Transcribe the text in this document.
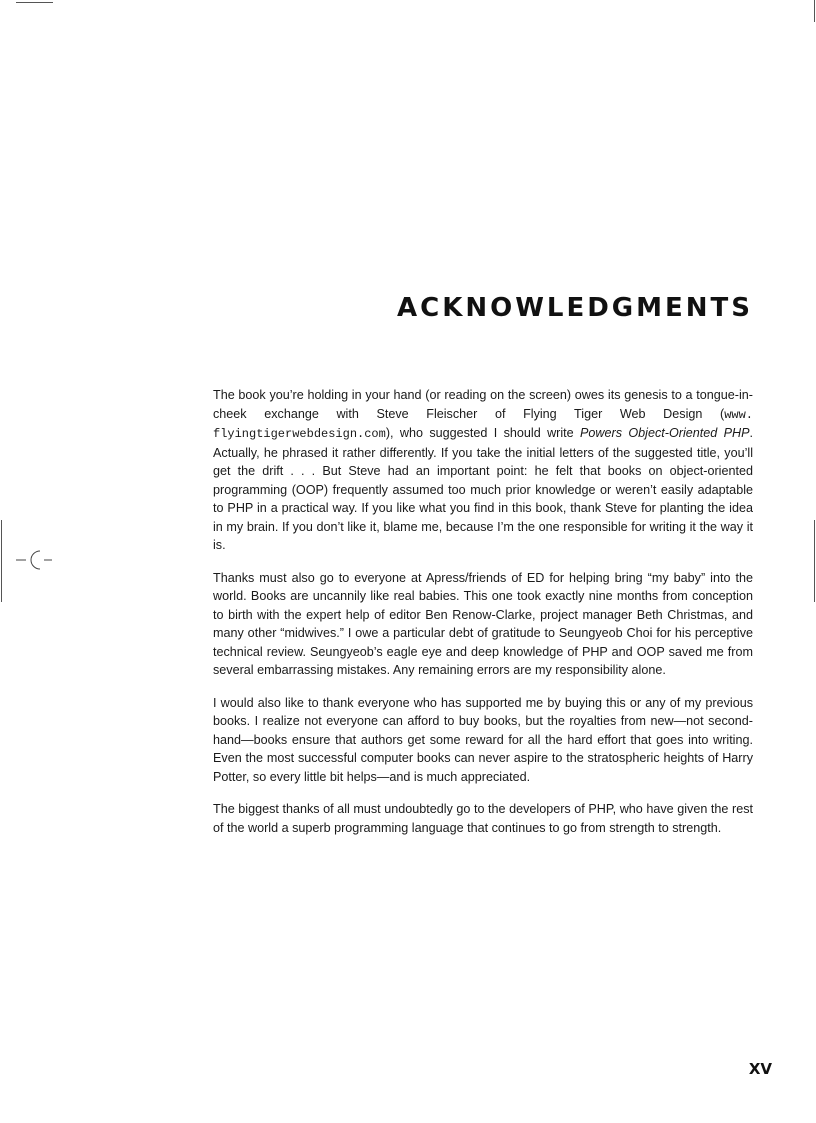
ACKNOWLEDGMENTS

The book you’re holding in your hand (or reading on the screen) owes its genesis to a tongue-in-cheek exchange with Steve Fleischer of Flying Tiger Web Design (www. flyingtigerwebdesign.com), who suggested I should write Powers Object-Oriented PHP. Actually, he phrased it rather differently. If you take the initial letters of the suggested title, you’ll get the drift . . . But Steve had an important point: he felt that books on object-oriented programming (OOP) frequently assumed too much prior knowledge or weren’t easily adaptable to PHP in a practical way. If you like what you find in this book, thank Steve for planting the idea in my brain. If you don’t like it, blame me, because I’m the one responsible for writing it the way it is.

Thanks must also go to everyone at Apress/friends of ED for helping bring “my baby” into the world. Books are uncannily like real babies. This one took exactly nine months from conception to birth with the expert help of editor Ben Renow-Clarke, project manager Beth Christmas, and many other “midwives.” I owe a particular debt of gratitude to Seungyeob Choi for his perceptive technical review. Seungyeob’s eagle eye and deep knowledge of PHP and OOP saved me from several embarrassing mistakes. Any remaining errors are my responsibility alone.

I would also like to thank everyone who has supported me by buying this or any of my previous books. I realize not everyone can afford to buy books, but the royalties from new—not second-hand—books ensure that authors get some reward for all the hard effort that goes into writing. Even the most successful computer books can never aspire to the stratospheric heights of Harry Potter, so every little bit helps—and is much appreciated.

The biggest thanks of all must undoubtedly go to the developers of PHP, who have given the rest of the world a superb programming language that continues to go from strength to strength.

XV
